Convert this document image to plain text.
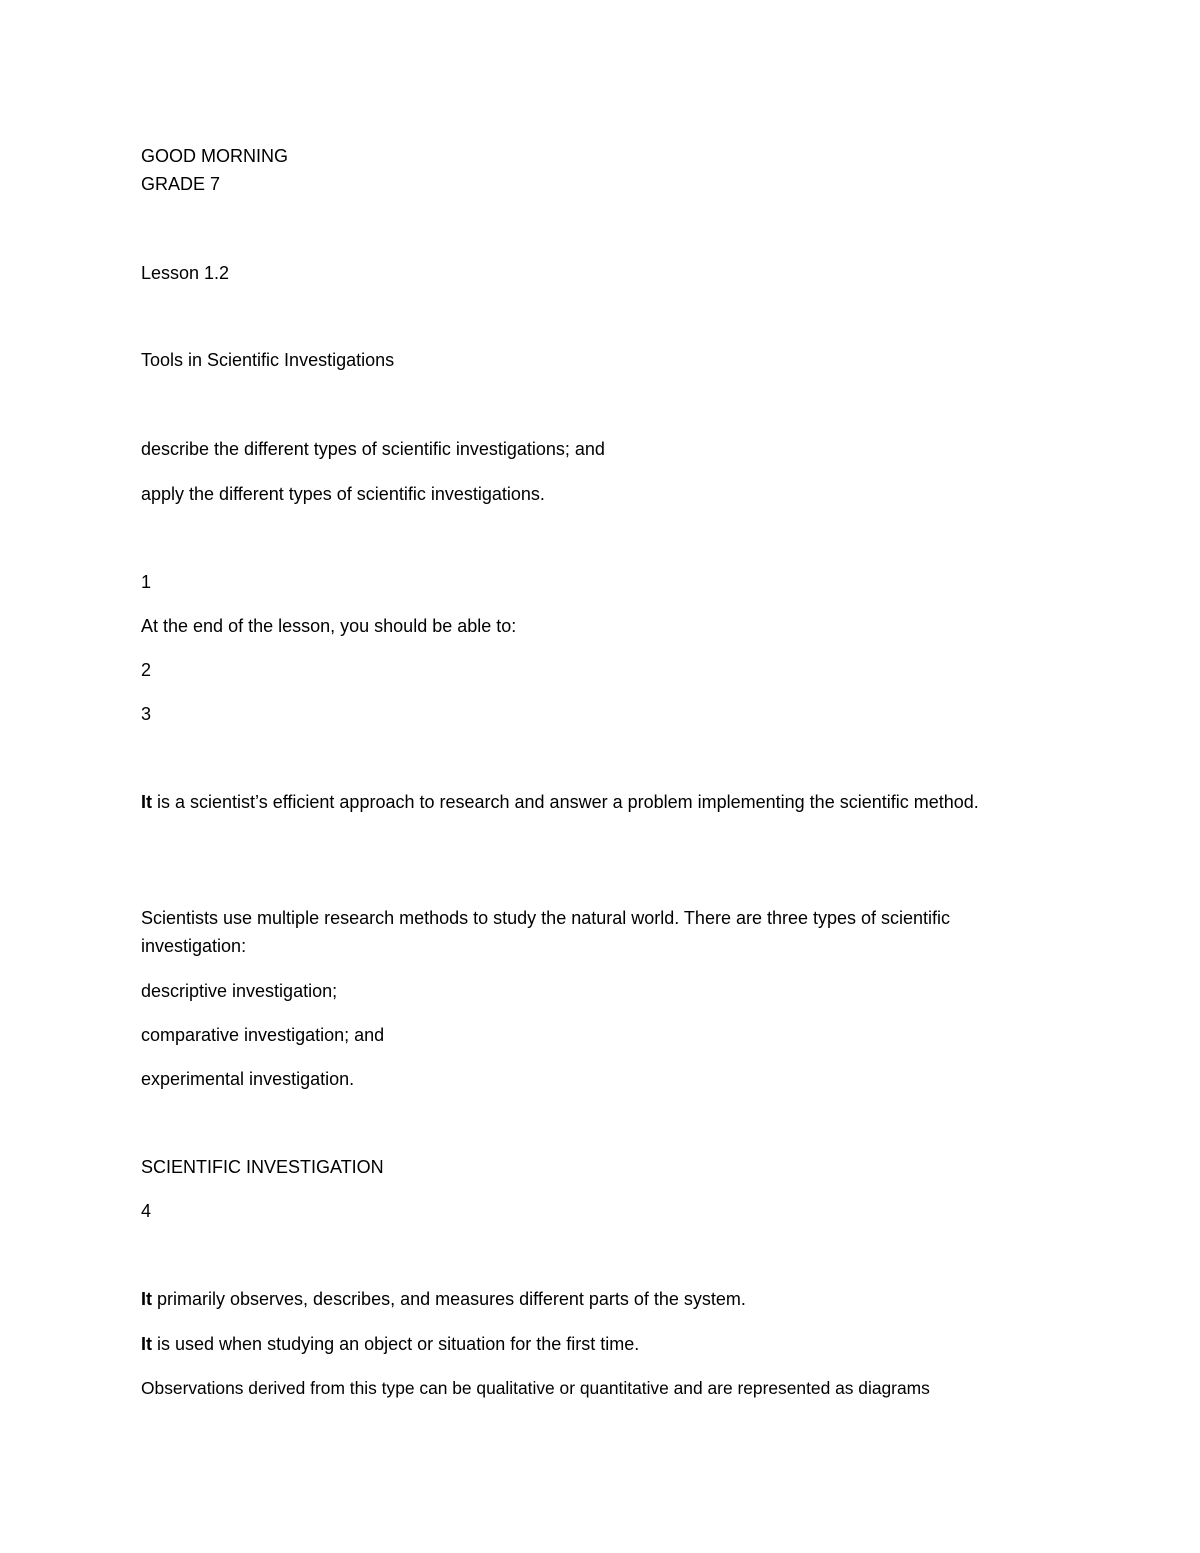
GOOD MORNING
GRADE 7
Lesson 1.2
Tools in Scientific Investigations
describe the different types of scientific investigations; and
apply the different types of scientific investigations.
1
At the end of the lesson, you should be able to:
2
3
It is a scientist’s efficient approach to research and answer a problem implementing the scientific method.
Scientists use multiple research methods to study the natural world. There are three types of scientific investigation:
descriptive investigation;
comparative investigation; and
experimental investigation.
SCIENTIFIC INVESTIGATION
4
It primarily observes, describes, and measures different parts of the system.
It is used when studying an object or situation for the first time.
Observations derived from this type can be qualitative or quantitative and are represented as diagrams
